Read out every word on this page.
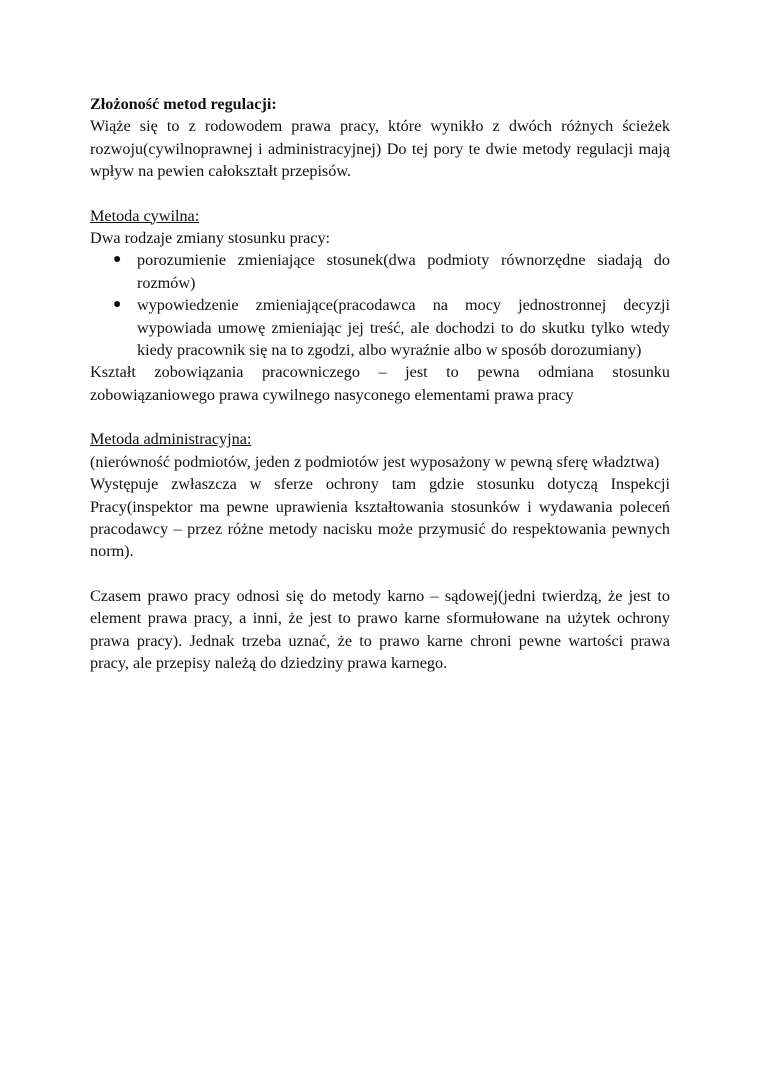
Złożoność metod regulacji:

Wiąże się to z rodowodem prawa pracy, które wynikło z dwóch różnych ścieżek rozwoju(cywilnoprawnej i administracyjnej) Do tej pory te dwie metody regulacji mają wpływ na pewien całokształt przepisów.

Metoda cywilna:

Dwa rodzaje zmiany stosunku pracy:

● porozumienie zmieniające stosunek(dwa podmioty równorzędne siadają do rozmów)
● wypowiedzenie zmieniające(pracodawca na mocy jednostronnej decyzji wypowiada umowę zmieniając jej treść, ale dochodzi to do skutku tylko wtedy kiedy pracownik się na to zgodzi, albo wyraźnie albo w sposób dorozumiany)

Kształt zobowiązania pracowniczego – jest to pewna odmiana stosunku zobowiązaniowego prawa cywilnego nasyconego elementami prawa pracy

Metoda administracyjna:

(nierówność podmiotów, jeden z podmiotów jest wyposażony w pewną sferę władztwa)

Występuje zwłaszcza w sferze ochrony tam gdzie stosunku dotyczą Inspekcji Pracy(inspektor ma pewne uprawienia kształtowania stosunków i wydawania poleceń pracodawcy – przez różne metody nacisku może przymusić do respektowania pewnych norm).

Czasem prawo pracy odnosi się do metody karno – sądowej(jedni twierdzą, że jest to element prawa pracy, a inni, że jest to prawo karne sformułowane na użytek ochrony prawa pracy). Jednak trzeba uznać, że to prawo karne chroni pewne wartości prawa pracy, ale przepisy należą do dziedziny prawa karnego.
